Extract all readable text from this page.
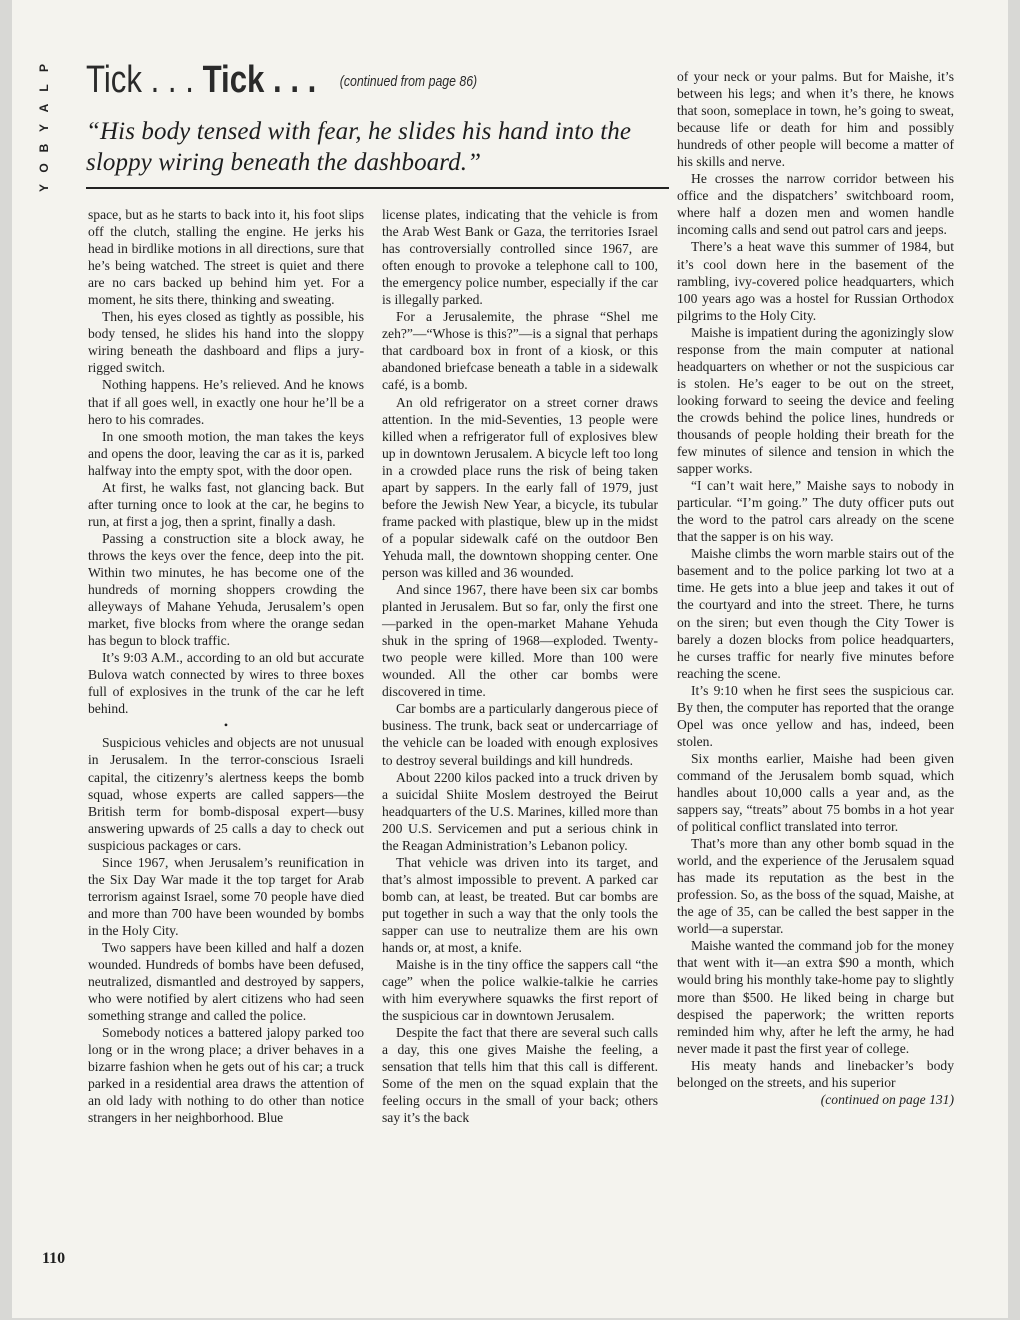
P
L
A
Y
B
O
Y
110
Tick . . . Tick . . . (continued from page 86)
“His body tensed with fear, he slides his hand into the sloppy wiring beneath the dashboard.”

space, but as he starts to back into it, his foot slips off the clutch, stalling the engine. He jerks his head in birdlike motions in all directions, sure that he’s being watched. The street is quiet and there are no cars backed up behind him yet. For a moment, he sits there, thinking and sweating.

Then, his eyes closed as tightly as possible, his body tensed, he slides his hand into the sloppy wiring beneath the dashboard and flips a jury-rigged switch.

Nothing happens. He’s relieved. And he knows that if all goes well, in exactly one hour he’ll be a hero to his comrades.

In one smooth motion, the man takes the keys and opens the door, leaving the car as it is, parked halfway into the empty spot, with the door open.

At first, he walks fast, not glancing back. But after turning once to look at the car, he begins to run, at first a jog, then a sprint, finally a dash.

Passing a construction site a block away, he throws the keys over the fence, deep into the pit. Within two minutes, he has become one of the hundreds of morning shoppers crowding the alleyways of Mahane Yehuda, Jerusalem’s open market, five blocks from where the orange sedan has begun to block traffic.

It’s 9:03 A.M., according to an old but accurate Bulova watch connected by wires to three boxes full of explosives in the trunk of the car he left behind.

•

Suspicious vehicles and objects are not unusual in Jerusalem. In the terror-conscious Israeli capital, the citizenry’s alertness keeps the bomb squad, whose experts are called sappers—the British term for bomb-disposal expert—busy answering upwards of 25 calls a day to check out suspicious packages or cars.

Since 1967, when Jerusalem’s reunification in the Six Day War made it the top target for Arab terrorism against Israel, some 70 people have died and more than 700 have been wounded by bombs in the Holy City.

Two sappers have been killed and half a dozen wounded. Hundreds of bombs have been defused, neutralized, dismantled and destroyed by sappers, who were notified by alert citizens who had seen something strange and called the police.

Somebody notices a battered jalopy parked too long or in the wrong place; a driver behaves in a bizarre fashion when he gets out of his car; a truck parked in a residential area draws the attention of an old lady with nothing to do other than notice strangers in her neighborhood. Blue

license plates, indicating that the vehicle is from the Arab West Bank or Gaza, the territories Israel has controversially controlled since 1967, are often enough to provoke a telephone call to 100, the emergency police number, especially if the car is illegally parked.

For a Jerusalemite, the phrase “Shel me zeh?”—“Whose is this?”—is a signal that perhaps that cardboard box in front of a kiosk, or this abandoned briefcase beneath a table in a sidewalk café, is a bomb.

An old refrigerator on a street corner draws attention. In the mid-Seventies, 13 people were killed when a refrigerator full of explosives blew up in downtown Jerusalem. A bicycle left too long in a crowded place runs the risk of being taken apart by sappers. In the early fall of 1979, just before the Jewish New Year, a bicycle, its tubular frame packed with plastique, blew up in the midst of a popular sidewalk café on the outdoor Ben Yehuda mall, the downtown shopping center. One person was killed and 36 wounded.

And since 1967, there have been six car bombs planted in Jerusalem. But so far, only the first one—parked in the open-market Mahane Yehuda shuk in the spring of 1968—exploded. Twenty-two people were killed. More than 100 were wounded. All the other car bombs were discovered in time.

Car bombs are a particularly dangerous piece of business. The trunk, back seat or undercarriage of the vehicle can be loaded with enough explosives to destroy several buildings and kill hundreds.

About 2200 kilos packed into a truck driven by a suicidal Shiite Moslem destroyed the Beirut headquarters of the U.S. Marines, killed more than 200 U.S. Servicemen and put a serious chink in the Reagan Administration’s Lebanon policy.

That vehicle was driven into its target, and that’s almost impossible to prevent. A parked car bomb can, at least, be treated. But car bombs are put together in such a way that the only tools the sapper can use to neutralize them are his own hands or, at most, a knife.

Maishe is in the tiny office the sappers call “the cage” when the police walkie-talkie he carries with him everywhere squawks the first report of the suspicious car in downtown Jerusalem.

Despite the fact that there are several such calls a day, this one gives Maishe the feeling, a sensation that tells him that this call is different. Some of the men on the squad explain that the feeling occurs in the small of your back; others say it’s the back

of your neck or your palms. But for Maishe, it’s between his legs; and when it’s there, he knows that soon, someplace in town, he’s going to sweat, because life or death for him and possibly hundreds of other people will become a matter of his skills and nerve.

He crosses the narrow corridor between his office and the dispatchers’ switchboard room, where half a dozen men and women handle incoming calls and send out patrol cars and jeeps.

There’s a heat wave this summer of 1984, but it’s cool down here in the basement of the rambling, ivy-covered police headquarters, which 100 years ago was a hostel for Russian Orthodox pilgrims to the Holy City.

Maishe is impatient during the agonizingly slow response from the main computer at national headquarters on whether or not the suspicious car is stolen. He’s eager to be out on the street, looking forward to seeing the device and feeling the crowds behind the police lines, hundreds or thousands of people holding their breath for the few minutes of silence and tension in which the sapper works.

“I can’t wait here,” Maishe says to nobody in particular. “I’m going.” The duty officer puts out the word to the patrol cars already on the scene that the sapper is on his way.

Maishe climbs the worn marble stairs out of the basement and to the police parking lot two at a time. He gets into a blue jeep and takes it out of the courtyard and into the street. There, he turns on the siren; but even though the City Tower is barely a dozen blocks from police headquarters, he curses traffic for nearly five minutes before reaching the scene.

It’s 9:10 when he first sees the suspicious car. By then, the computer has reported that the orange Opel was once yellow and has, indeed, been stolen.

Six months earlier, Maishe had been given command of the Jerusalem bomb squad, which handles about 10,000 calls a year and, as the sappers say, “treats” about 75 bombs in a hot year of political conflict translated into terror.

That’s more than any other bomb squad in the world, and the experience of the Jerusalem squad has made its reputation as the best in the profession. So, as the boss of the squad, Maishe, at the age of 35, can be called the best sapper in the world—a superstar.

Maishe wanted the command job for the money that went with it—an extra $90 a month, which would bring his monthly take-home pay to slightly more than $500. He liked being in charge but despised the paperwork; the written reports reminded him why, after he left the army, he had never made it past the first year of college.

His meaty hands and linebacker’s body belonged on the streets, and his superior

(continued on page 131)
